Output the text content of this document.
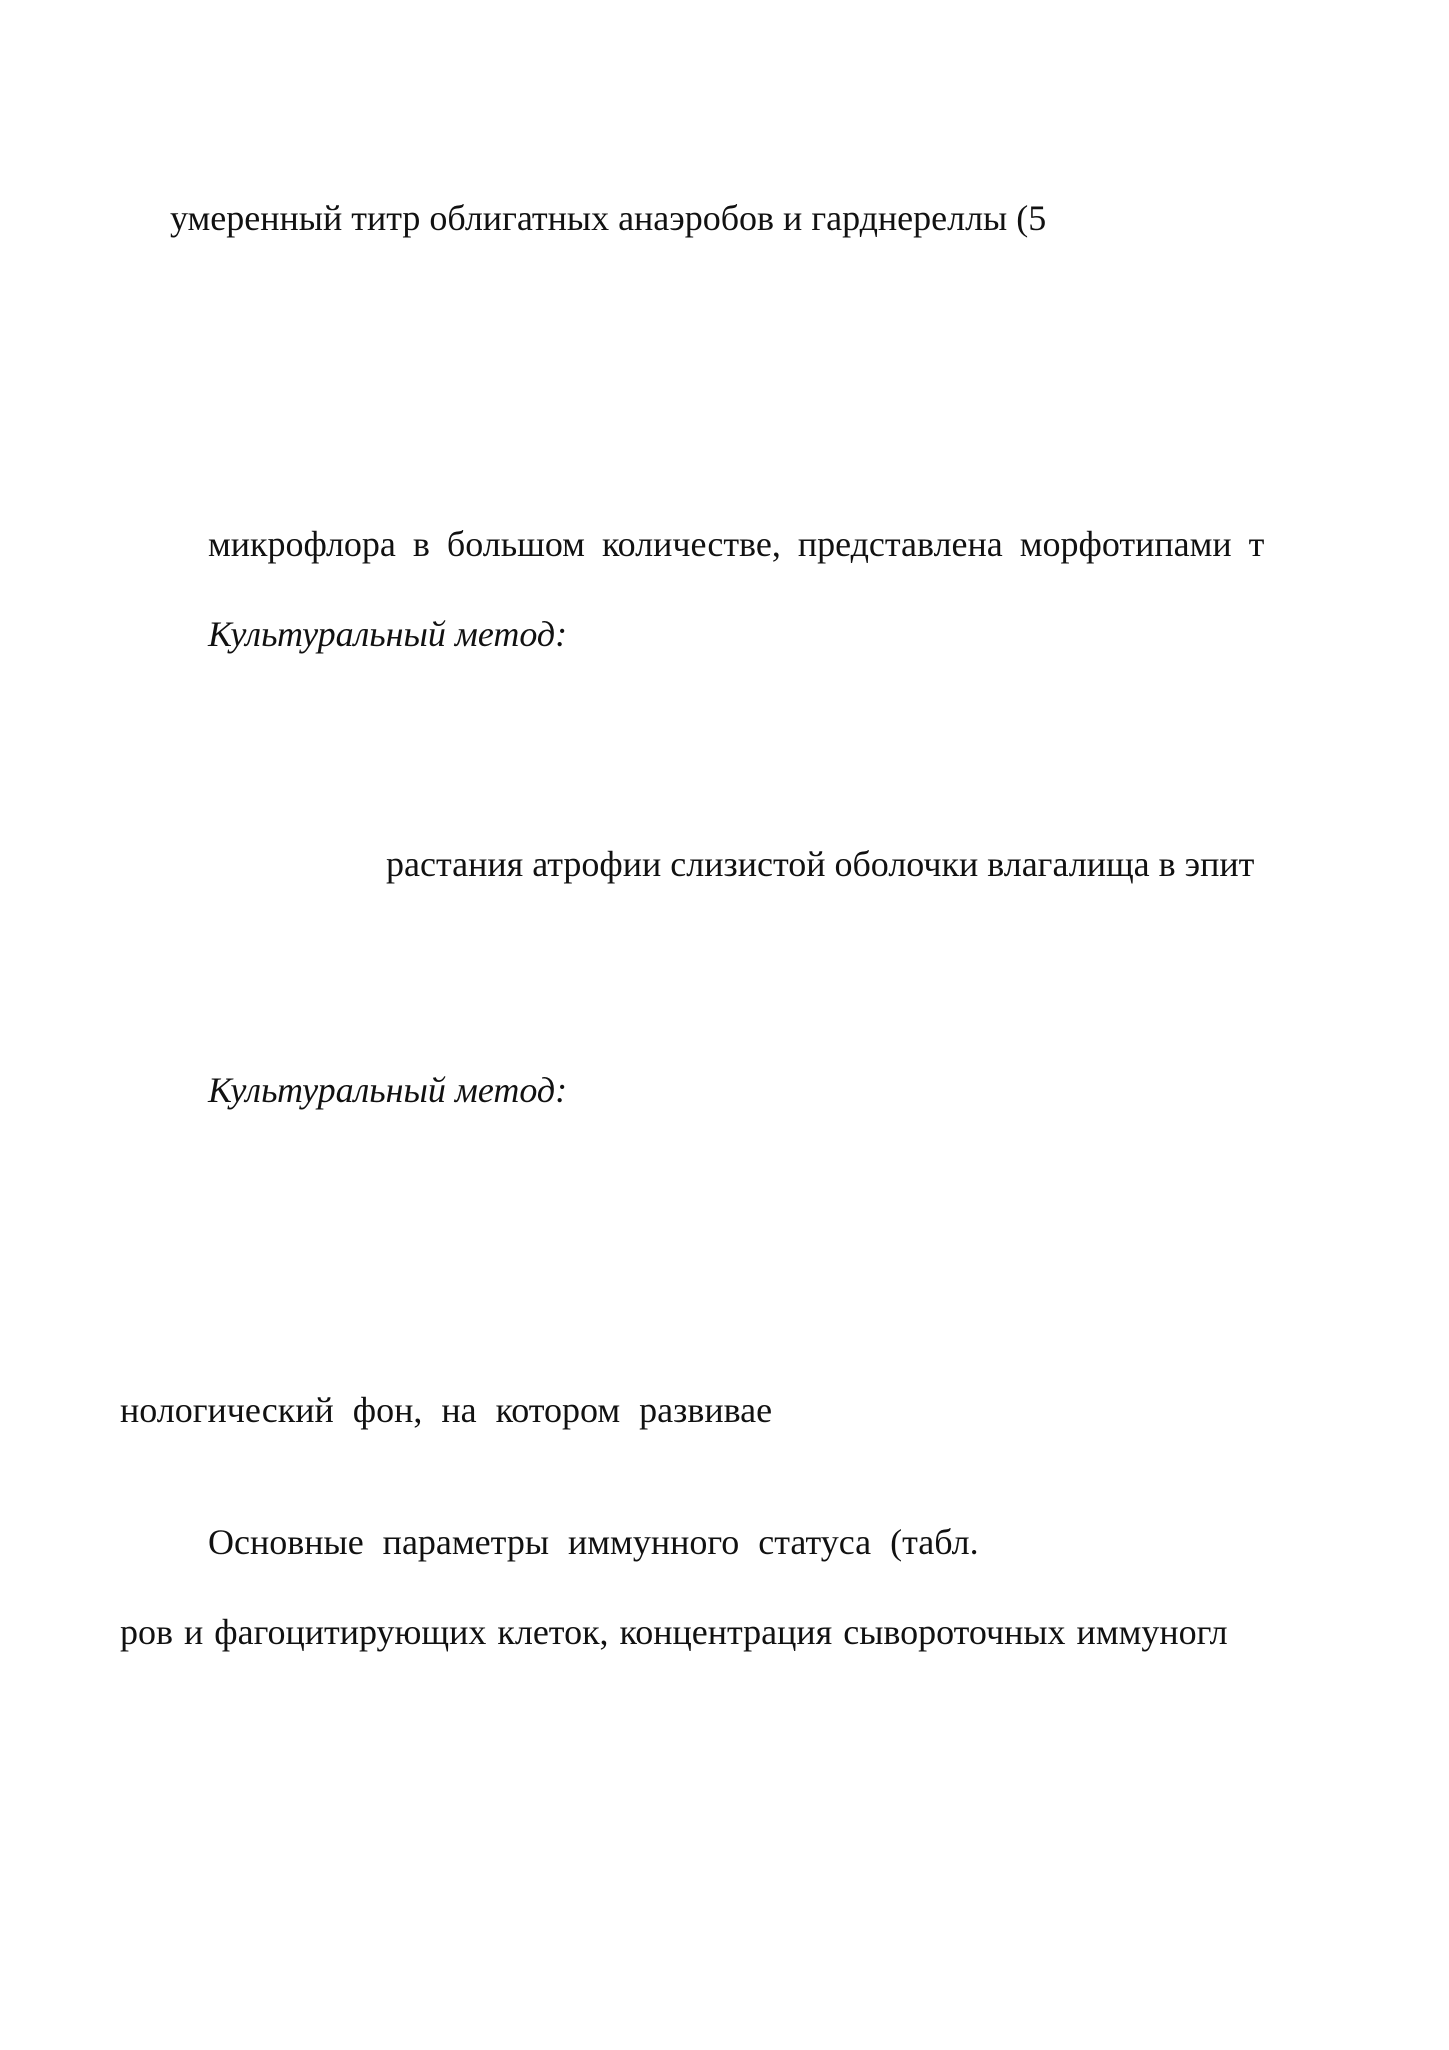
умеренный титр облигатных анаэробов и гарднереллы (5

микрофлора в большом количестве, представлена морфотипами т

Культуральный метод:

растания атрофии слизистой оболочки влагалища в эпит

Культуральный метод:

нологический фон, на котором развивае

Основные параметры иммунного статуса (табл.

ров и фагоцитирующих клеток, концентрация сывороточных иммуногл
